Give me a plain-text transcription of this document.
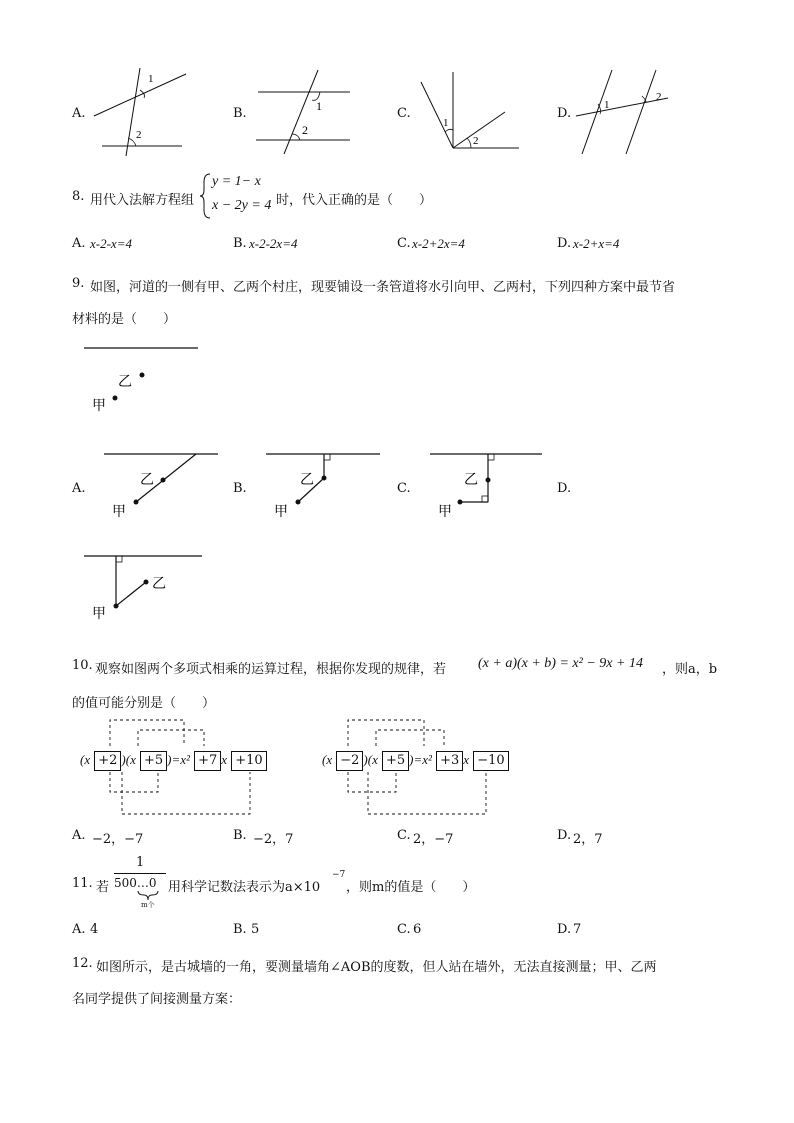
A.
1
2
B.	1
2
C.
1
2
D.
1
2
8. 用代入法解方程组
y = 1− x
x − 2y = 4 时，代入正确的是（　　）
A. x-2-x=4	B. x-2-2x=4	C. x-2+2x=4	D. x-2+x=4
9. 如图，河道的一侧有甲、乙两个村庄，现要铺设一条管道将水引向甲、乙两村，下列四种方案中最节省
材料的是（　　）
乙
甲
A.
乙
甲
B.
乙
甲
C.
乙
甲
D.
乙
甲
10. 观察如图两个多项式相乘的运算过程，根据你发现的规律，若 (x + a)(x + b) = x² − 9x + 14 ，则a，b
的值可能分别是（　　）
(x +2 )(x +5 )=x² +7 x +10	(x −2 )(x +5 )=x² +3 x −10
A. −2，−7	B. −2，7	C. 2，−7	D. 2，7
11. 若
1
500…0
m个
用科学记数法表示为a×10
−7
，则m的值是（　　）
A. 4	B. 5	C. 6	D. 7
12. 如图所示，是古城墙的一角，要测量墙角∠AOB的度数，但人站在墙外，无法直接测量；甲、乙两
名同学提供了间接测量方案：
